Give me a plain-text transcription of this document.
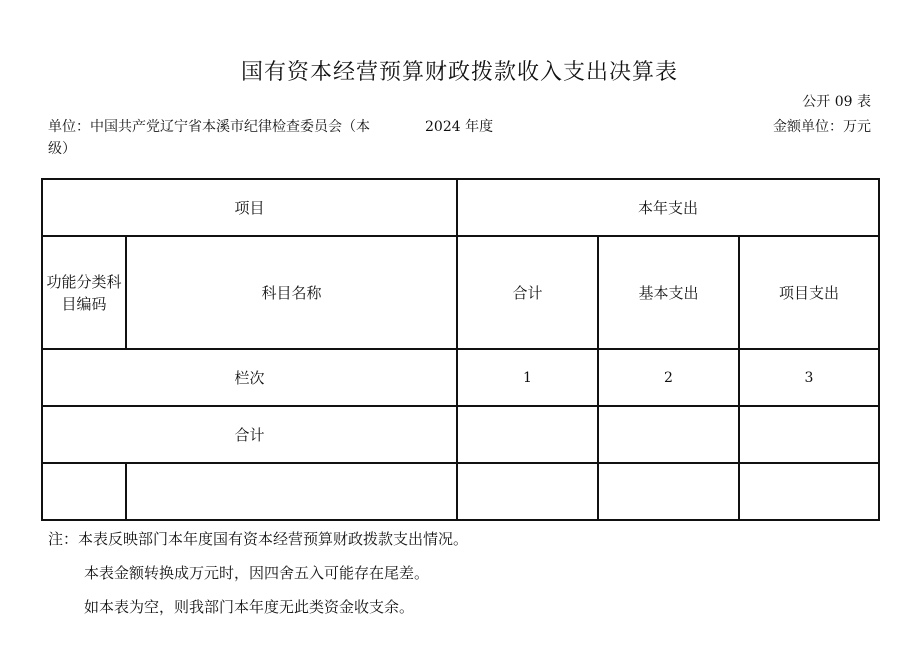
国有资本经营预算财政拨款收入支出决算表
公开 09 表
单位：中国共产党辽宁省本溪市纪律检查委员会（本级）
2024 年度	金额单位：万元
项目		本年支出		
功能分类科目编码	科目名称	合计	基本支出	项目支出
栏次		1	2	3
合计				

注：本表反映部门本年度国有资本经营预算财政拨款支出情况。
本表金额转换成万元时，因四舍五入可能存在尾差。
如本表为空，则我部门本年度无此类资金收支余。
